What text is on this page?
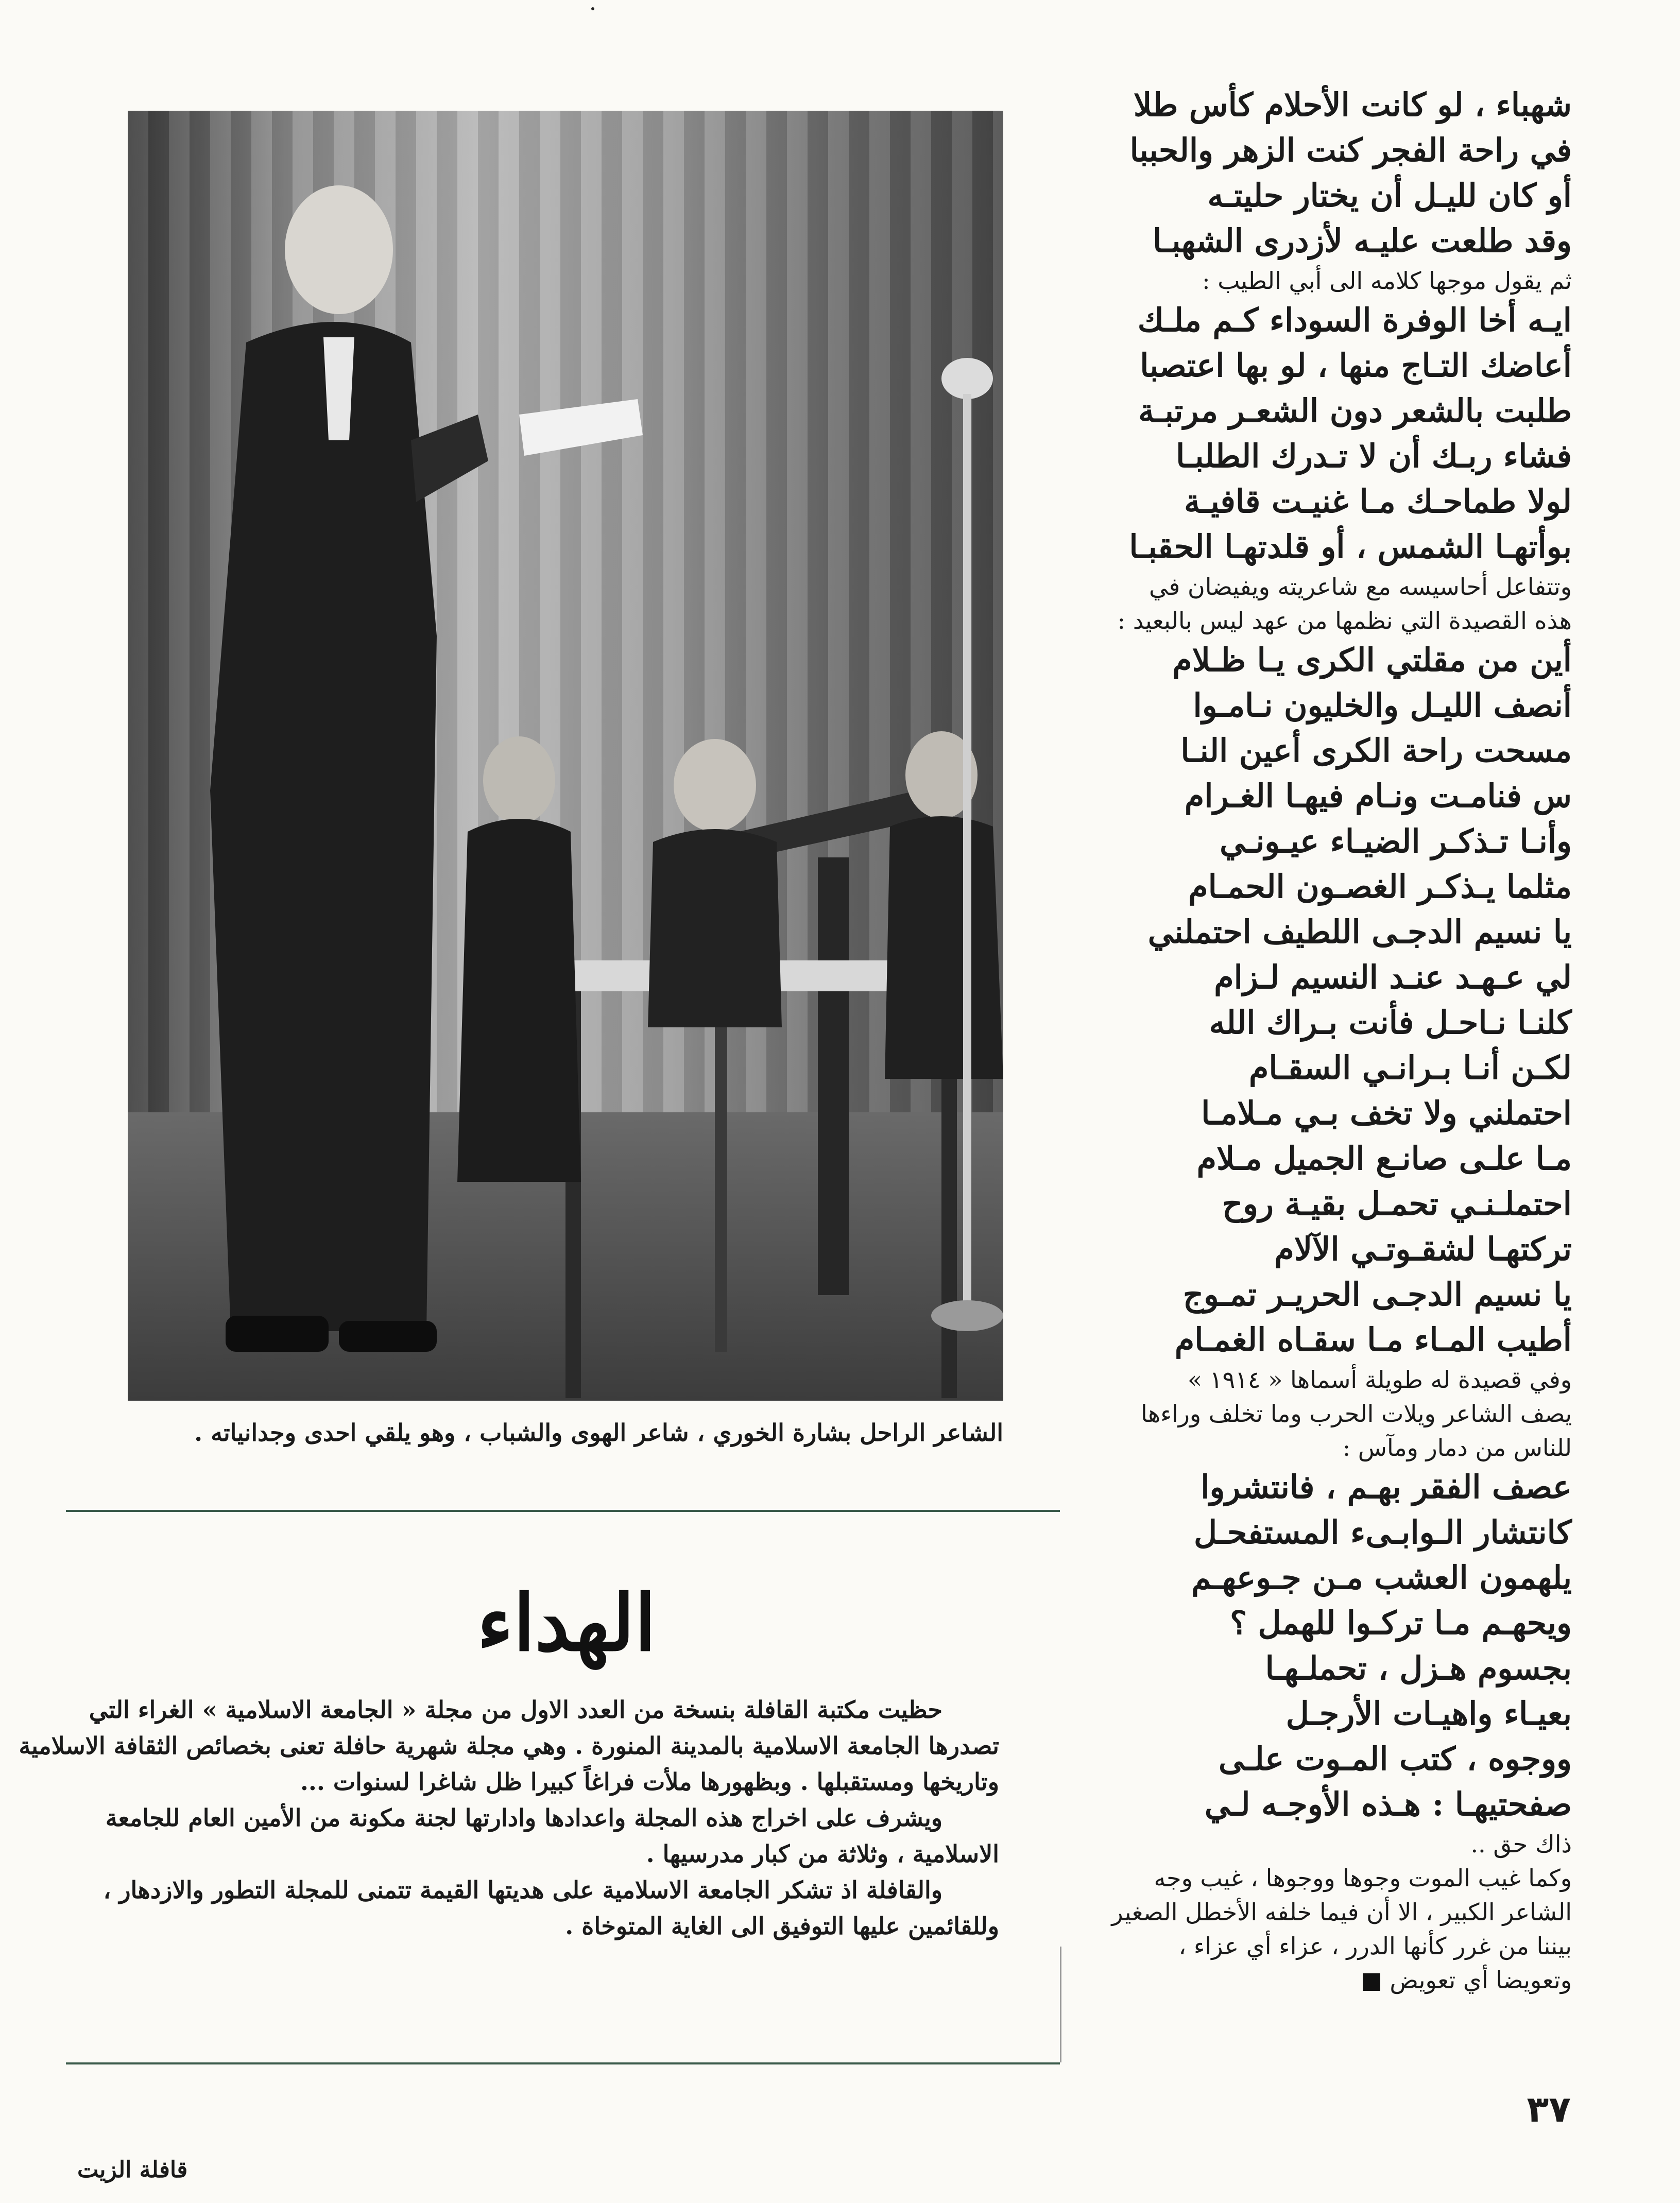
شهباء ، لو كانت الأحلام كأس طلا
في راحة الفجر كنت الزهر والحببا
أو كان لليـل أن يختار حليتـه
وقد طلعت عليـه لأزدرى الشهبـا
ثم يقول موجها كلامه الى أبي الطيب :
ايـه أخا الوفرة السوداء كـم ملـك
أعاضك التـاج منها ، لو بها اعتصبا
طلبت بالشعر دون الشعـر مرتبـة
فشاء ربـك أن لا تـدرك الطلبـا
لولا طماحـك مـا غنيـت قافيـة
بوأتهـا الشمس ، أو قلدتهـا الحقبـا
وتتفاعل أحاسيسه مع شاعريته ويفيضان في
هذه القصيدة التي نظمها من عهد ليس بالبعيد :
أين من مقلتي الكرى يـا ظـلام
أنصف الليـل والخليون نـامـوا
مسحت راحة الكرى أعين النـا
س فنامـت ونـام فيهـا الغـرام
وأنـا تـذكـر الضيـاء عيـونـي
مثلما يـذكـر الغصـون الحمـام
يا نسيم الدجـى اللطيف احتملني
لي عـهـد عنـد النسيم لـزام
كلنـا نـاحـل فأنت بـراك الله
لكـن أنـا بـرانـي السقـام
احتملني ولا تخف بـي مـلامـا
مـا علـى صانـع الجميل مـلام
احتملـنـي تحمـل بقيـة روح
تركتهـا لشقـوتـي الآلام
يا نسيم الدجـى الحريـر تمـوج
أطيب المـاء مـا سقـاه الغمـام
وفي قصيدة له طويلة أسماها « ١٩١٤ »
يصف الشاعر ويلات الحرب وما تخلف وراءها
للناس من دمار ومآس :
عصف الفقر بهـم ، فانتشروا
كانتشار الـوابـىء المستفحـل
يلهمون العشب مـن جـوعهـم
ويحهـم مـا تركـوا للهمل ؟
بجسوم هـزل ، تحملـهـا
بعيـاء واهيـات الأرجـل
ووجوه ، كتب المـوت علـى
صفحتيهـا : هـذه الأوجـه لـي
ذاك حق ..
وكما غيب الموت وجوها ووجوها ، غيب وجه
الشاعر الكبير ، الا أن فيما خلفه الأخطل الصغير
بيننا من غرر كأنها الدرر ، عزاء أي عزاء ،
وتعويضا أي تعويض
الشاعر الراحل بشارة الخوري ، شاعر الهوى والشباب ، وهو يلقي احدى وجدانياته .
الهداء
حظيت مكتبة القافلة بنسخة من العدد الاول من مجلة « الجامعة الاسلامية » الغراء التي
تصدرها الجامعة الاسلامية بالمدينة المنورة . وهي مجلة شهرية حافلة تعنى بخصائص الثقافة الاسلامية
وتاريخها ومستقبلها . وبظهورها ملأت فراغاً كبيرا ظل شاغرا لسنوات ...
ويشرف على اخراج هذه المجلة واعدادها وادارتها لجنة مكونة من الأمين العام للجامعة
الاسلامية ، وثلاثة من كبار مدرسيها .
والقافلة اذ تشكر الجامعة الاسلامية على هديتها القيمة تتمنى للمجلة التطور والازدهار ،
وللقائمين عليها التوفيق الى الغاية المتوخاة .
٣٧
قافلة الزيت
